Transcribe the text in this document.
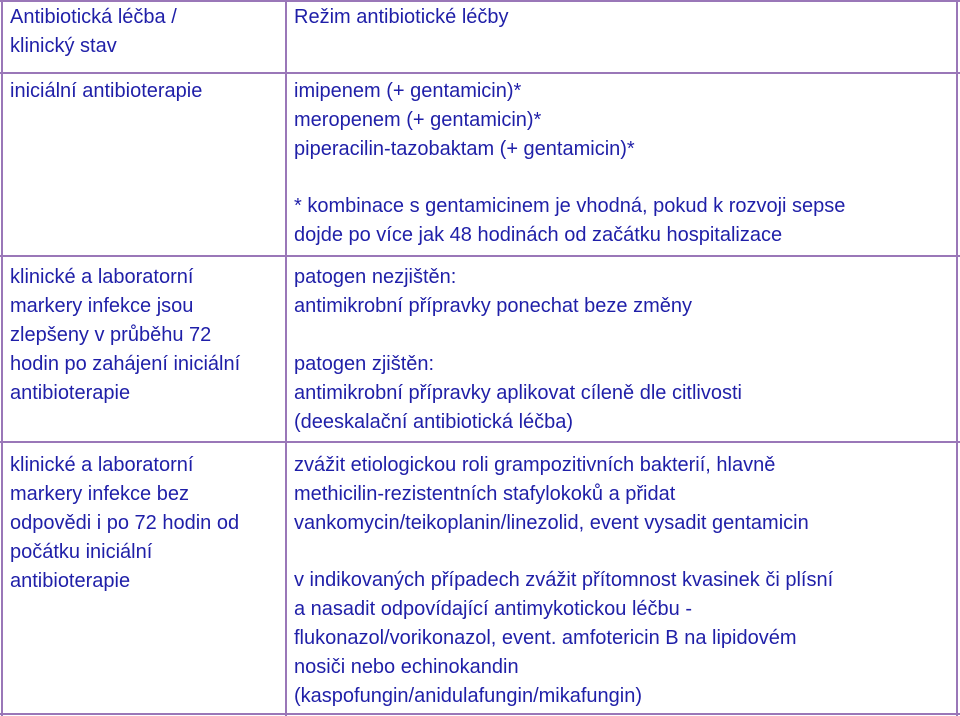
Antibiotická léčba /
klinický stav
Režim antibiotické léčby
iniciální antibioterapie	imipenem (+ gentamicin)*
meropenem (+ gentamicin)*
piperacilin-tazobaktam (+ gentamicin)*
* kombinace s gentamicinem je vhodná, pokud k rozvoji sepse
dojde po více jak 48 hodinách od začátku hospitalizace
klinické a laboratorní
markery infekce jsou
zlepšeny v průběhu 72
hodin po zahájení iniciální
antibioterapie
patogen nezjištěn:
antimikrobní přípravky ponechat beze změny
patogen zjištěn:
antimikrobní přípravky aplikovat cíleně dle citlivosti
(deeskalační antibiotická léčba)
klinické a laboratorní
markery infekce bez
odpovědi i po 72 hodin od
počátku iniciální
antibioterapie
zvážit etiologickou roli grampozitivních bakterií, hlavně
methicilin-rezistentních stafylokoků a přidat
vankomycin/teikoplanin/linezolid, event vysadit gentamicin
v indikovaných případech zvážit přítomnost kvasinek či plísní
a nasadit odpovídající antimykotickou léčbu -
flukonazol/vorikonazol, event. amfotericin B na lipidovém
nosiči nebo echinokandin
(kaspofungin/anidulafungin/mikafungin)
